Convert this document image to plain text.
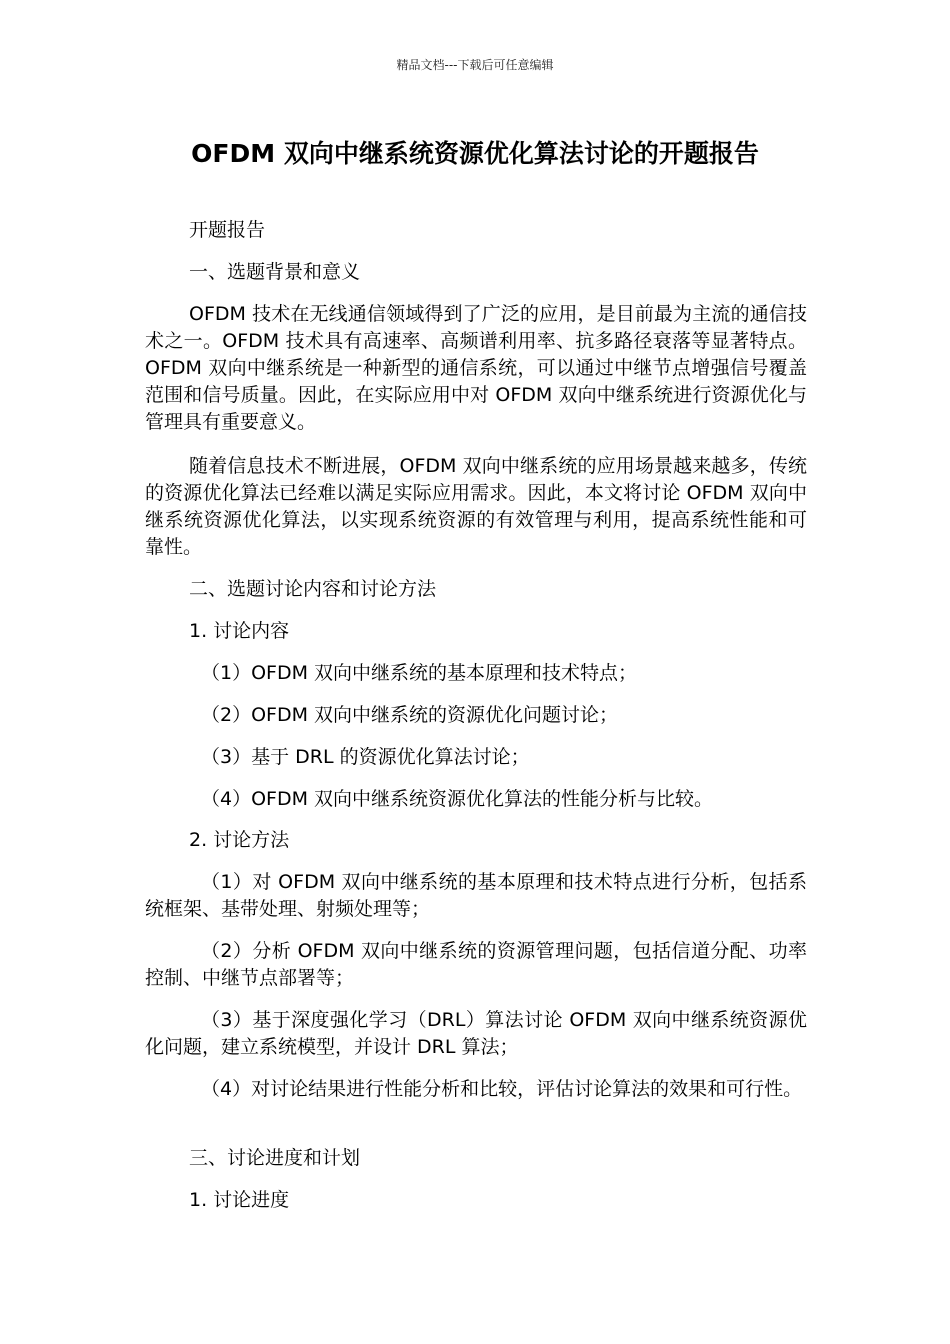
精品文档---下载后可任意编辑
OFDM 双向中继系统资源优化算法讨论的开题报告

开题报告

一、选题背景和意义

OFDM 技术在无线通信领域得到了广泛的应用，是目前最为主流的通信技术之一。OFDM 技术具有高速率、高频谱利用率、抗多路径衰落等显著特点。OFDM 双向中继系统是一种新型的通信系统，可以通过中继节点增强信号覆盖范围和信号质量。因此，在实际应用中对 OFDM 双向中继系统进行资源优化与管理具有重要意义。

随着信息技术不断进展，OFDM 双向中继系统的应用场景越来越多，传统的资源优化算法已经难以满足实际应用需求。因此，本文将讨论 OFDM 双向中继系统资源优化算法，以实现系统资源的有效管理与利用，提高系统性能和可靠性。

二、选题讨论内容和讨论方法

1. 讨论内容

（1）OFDM 双向中继系统的基本原理和技术特点；

（2）OFDM 双向中继系统的资源优化问题讨论；

（3）基于 DRL 的资源优化算法讨论；

（4）OFDM 双向中继系统资源优化算法的性能分析与比较。

2. 讨论方法

（1）对 OFDM 双向中继系统的基本原理和技术特点进行分析，包括系统框架、基带处理、射频处理等；

（2）分析 OFDM 双向中继系统的资源管理问题，包括信道分配、功率控制、中继节点部署等；

（3）基于深度强化学习（DRL）算法讨论 OFDM 双向中继系统资源优化问题，建立系统模型，并设计 DRL 算法；

（4）对讨论结果进行性能分析和比较，评估讨论算法的效果和可行性。

三、讨论进度和计划

1. 讨论进度
